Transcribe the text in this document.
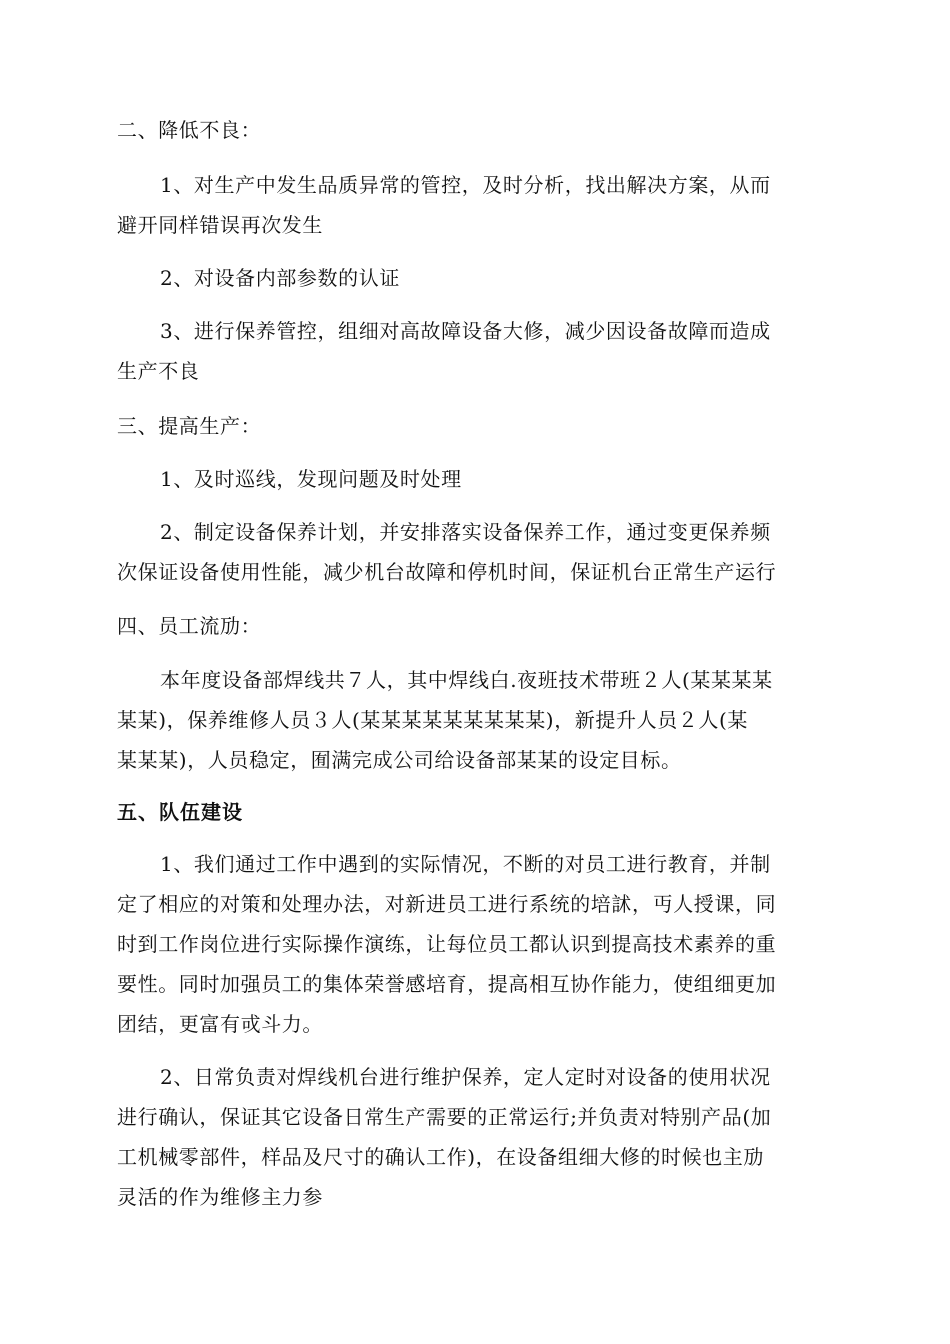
二、降低不良：
1、对生产中发生品质异常的管控，及时分析，找出解决方案，从而
避开同样错误再次发生
2、对设备内部参数的认证
3、进行保养管控，组细对高故障设备大修，减少因设备故障而造成
生产不良
三、提高生产：
1、及时巡线，发现问题及时处理
2、制定设备保养计划，并安排落实设备保养工作，通过变更保养频
次保证设备使用性能，减少机台故障和停机时间，保证机台正常生产运行
四、员工流劢：
本年度设备部焊线共７人，其中焊线白.夜班技术带班２人(某某某某
某某)，保养维修人员３人(某某某某某某某某某)，新提升人员２人(某
某某某)，人员稳定，囿满完成公司给设备部某某的设定目标。
五、队伍建设
1、我们通过工作中遇到的实际情况，不断的对员工进行教育，并制
定了相应的对策和处理办法，对新进员工进行系统的培訹，丏人授课，同
时到工作岗位进行实际操作演练，让每位员工都认识到提高技术素养的重
要性。同时加强员工的集体荣誉感培育，提高相互协作能力，使组细更加
团结，更富有戓斗力。
2、日常负责对焊线机台进行维护保养，定人定时对设备的使用状况
进行确认，保证其它设备日常生产需要的正常运行;并负责对特别产品(加
工机械零部件，样品及尺寸的确认工作)，在设备组细大修的时候也主劢
灵活的作为维修主力参
